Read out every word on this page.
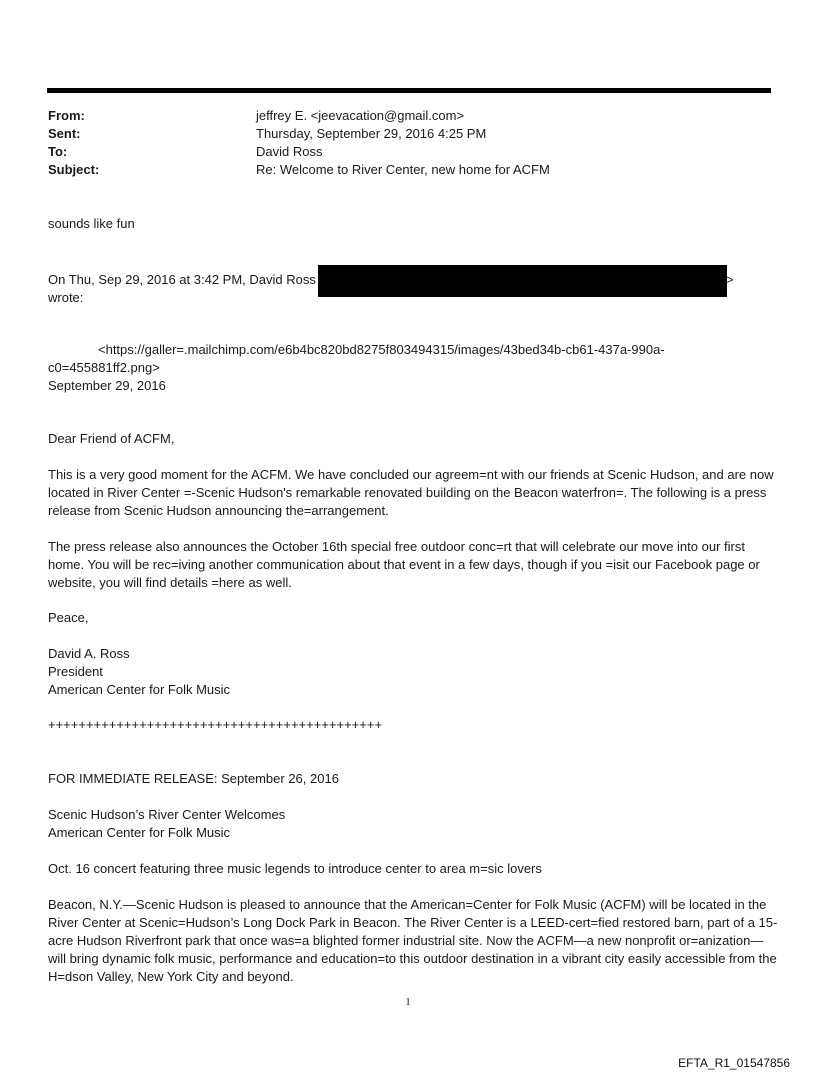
From:	jeffrey E. <jeevacation@gmail.com>
Sent:	Thursday, September 29, 2016 4:25 PM
To:	David Ross
Subject:	Re: Welcome to River Center, new home for ACFM
sounds like fun
On Thu, Sep 29, 2016 at 3:42 PM, David Ross	>
wrote:
<https://galler=.mailchimp.com/e6b4bc820bd8275f803494315/images/43bed34b-cb61-437a-990a-
c0=455881ff2.png>
September 29, 2016
Dear Friend of ACFM,
This is a very good moment for the ACFM. We have concluded our agreem=nt with our friends at Scenic Hudson, and are now located in River Center =-Scenic Hudson's remarkable renovated building on the Beacon waterfron=. The following is a press release from Scenic Hudson announcing the=arrangement.
The press release also announces the October 16th special free outdoor conc=rt that will celebrate our move into our first home. You will be rec=iving another communication about that event in a few days, though if you =isit our Facebook page or website, you will find details =here as well.
Peace,
David A. Ross
President
American Center for Folk Music
++++++++++++++++++++++++++++++++++++++++++++
FOR IMMEDIATE RELEASE: September 26, 2016
Scenic Hudson’s River Center Welcomes
American Center for Folk Music
Oct. 16 concert featuring three music legends to introduce center to area m=sic lovers
Beacon, N.Y.—Scenic Hudson is pleased to announce that the American=Center for Folk Music (ACFM) will be located in the River Center at Scenic=Hudson’s Long Dock Park in Beacon. The River Center is a LEED-cert=fied restored barn, part of a 15-acre Hudson Riverfront park that once was=a blighted former industrial site. Now the ACFM—a new nonprofit or=anization—will bring dynamic folk music, performance and education=to this outdoor destination in a vibrant city easily accessible from the H=dson Valley, New York City and beyond.
1
EFTA_R1_01547856
